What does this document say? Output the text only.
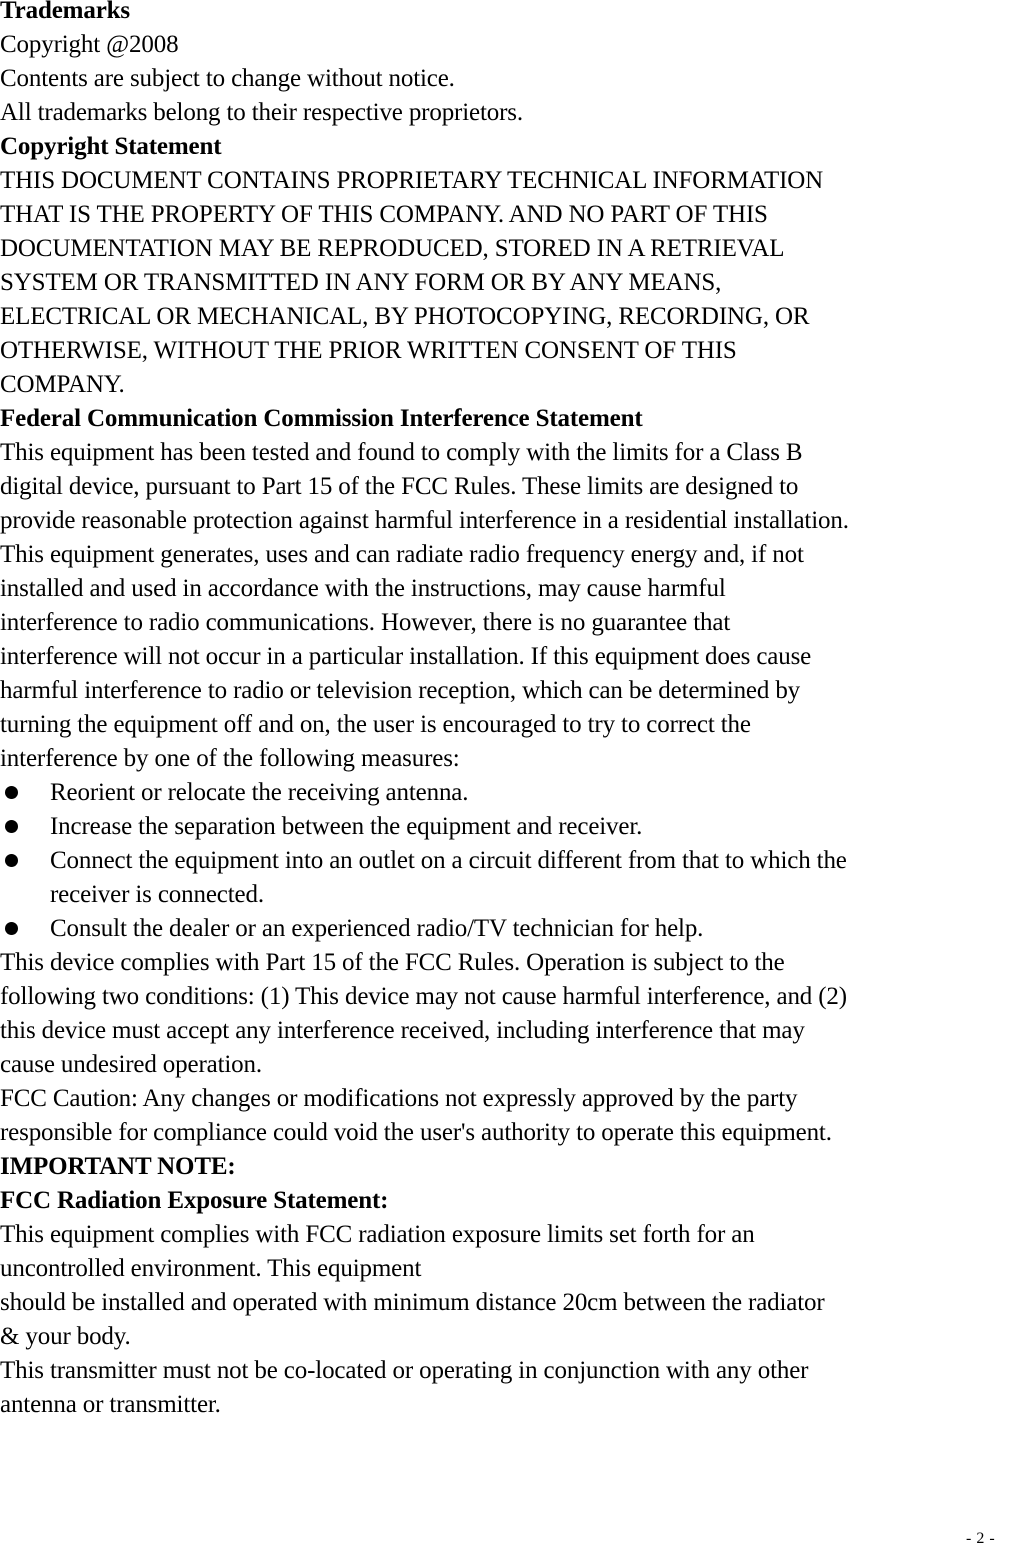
Trademarks
Copyright @2008
Contents are subject to change without notice.
All trademarks belong to their respective proprietors.
Copyright Statement
THIS DOCUMENT CONTAINS PROPRIETARY TECHNICAL INFORMATION
THAT IS THE PROPERTY OF THIS COMPANY. AND NO PART OF THIS
DOCUMENTATION MAY BE REPRODUCED, STORED IN A RETRIEVAL
SYSTEM OR TRANSMITTED IN ANY FORM OR BY ANY MEANS,
ELECTRICAL OR MECHANICAL, BY PHOTOCOPYING, RECORDING, OR
OTHERWISE, WITHOUT THE PRIOR WRITTEN CONSENT OF THIS
COMPANY.
Federal Communication Commission Interference Statement
This equipment has been tested and found to comply with the limits for a Class B
digital device, pursuant to Part 15 of the FCC Rules. These limits are designed to
provide reasonable protection against harmful interference in a residential installation.
This equipment generates, uses and can radiate radio frequency energy and, if not
installed and used in accordance with the instructions, may cause harmful
interference to radio communications. However, there is no guarantee that
interference will not occur in a particular installation. If this equipment does cause
harmful interference to radio or television reception, which can be determined by
turning the equipment off and on, the user is encouraged to try to correct the
interference by one of the following measures:
Reorient or relocate the receiving antenna.
Increase the separation between the equipment and receiver.
Connect the equipment into an outlet on a circuit different from that to which the
receiver is connected.
Consult the dealer or an experienced radio/TV technician for help.
This device complies with Part 15 of the FCC Rules. Operation is subject to the
following two conditions: (1) This device may not cause harmful interference, and (2)
this device must accept any interference received, including interference that may
cause undesired operation.
FCC Caution: Any changes or modifications not expressly approved by the party
responsible for compliance could void the user's authority to operate this equipment.
IMPORTANT NOTE:
FCC Radiation Exposure Statement:
This equipment complies with FCC radiation exposure limits set forth for an
uncontrolled environment. This equipment
should be installed and operated with minimum distance 20cm between the radiator
& your body.
This transmitter must not be co-located or operating in conjunction with any other
antenna or transmitter.
- 2 -
